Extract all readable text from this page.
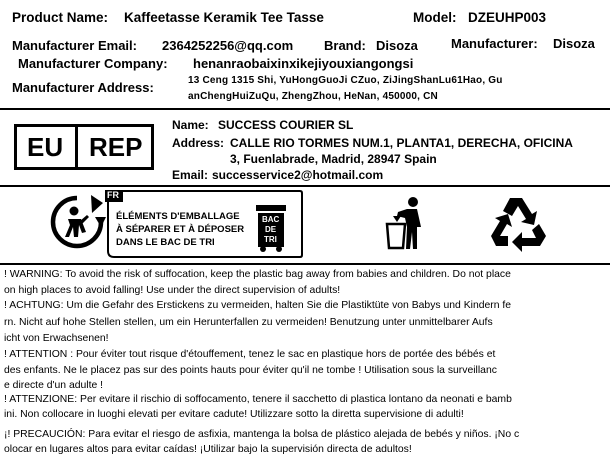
Product Name: Kaffeetasse Keramik Tee Tasse	Model: DZEUHP003
Manufacturer Email: 2364252256@qq.com Brand: Disoza	Manufacturer: Disoza
Manufacturer Company: henanraobaixinxikejiyouxiangongsi
Manufacturer Address:	13 Ceng 1315 Shi, YuHongGuoJi CZuo, ZiJingShanLu61Hao, Gu
anChengHuiZuQu, ZhengZhou, HeNan, 450000, CN
EU REP
Name: SUCCESS COURIER SL
Address: CALLE RIO TORMES NUM.1, PLANTA1, DERECHA, OFICINA
3, Fuenlabrade, Madrid, 28947 Spain
Email: successervice2@hotmail.com
FR
ÉLÉMENTS D'EMBALLAGE
À SÉPARER ET À DÉPOSER
DANS LE BAC DE TRI
BAC
DE
TRI
! WARNING: To avoid the risk of suffocation, keep the plastic bag away from babies and children. Do not place
on high places to avoid falling! Use under the direct supervision of adults!
! ACHTUNG: Um die Gefahr des Erstickens zu vermeiden, halten Sie die Plastiktüte von Babys und Kindern fe
rn. Nicht auf hohe Stellen stellen, um ein Herunterfallen zu vermeiden! Benutzung unter unmittelbarer Aufs
icht von Erwachsenen!
! ATTENTION : Pour éviter tout risque d'étouffement, tenez le sac en plastique hors de portée des bébés et
des enfants. Ne le placez pas sur des points hauts pour éviter qu'il ne tombe ! Utilisation sous la surveillanc
e directe d'un adulte !
! ATTENZIONE: Per evitare il rischio di soffocamento, tenere il sacchetto di plastica lontano da neonati e bamb
ini. Non collocare in luoghi elevati per evitare cadute! Utilizzare sotto la diretta supervisione di adulti!
¡! PRECAUCIÓN: Para evitar el riesgo de asfixia, mantenga la bolsa de plástico alejada de bebés y niños. ¡No c
olocar en lugares altos para evitar caídas! ¡Utilizar bajo la supervisión directa de adultos!
